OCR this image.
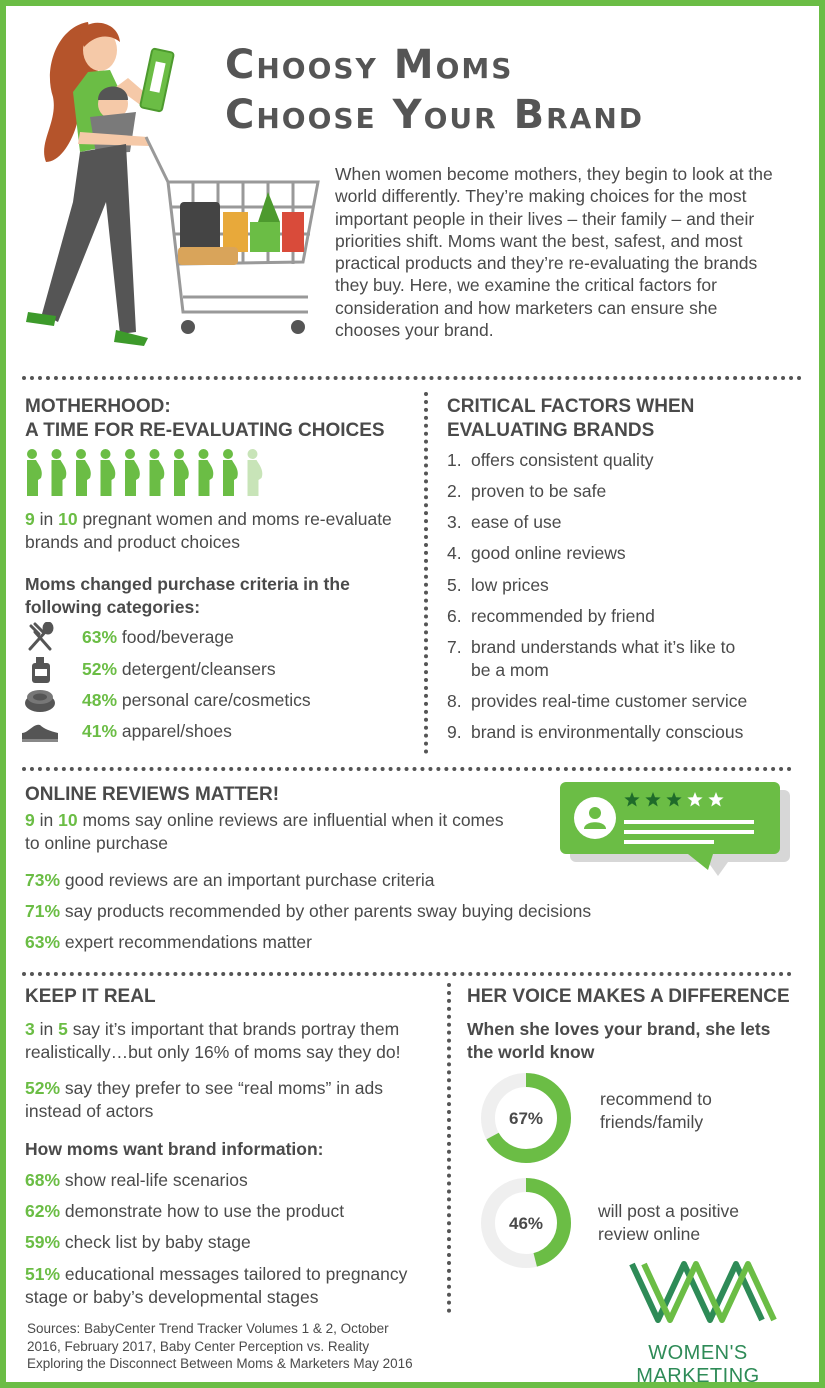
Choosy Moms
Choose Your Brand
When women become mothers, they begin to look at the world differently. They’re making choices for the most important people in their lives – their family – and their priorities shift. Moms want the best, safest, and most practical products and they’re re-evaluating the brands they buy. Here, we examine the critical factors for consideration and how marketers can ensure she chooses your brand.
MOTHERHOOD:
A TIME FOR RE-EVALUATING CHOICES
9 in 10 pregnant women and moms re-evaluate brands and product choices
Moms changed purchase criteria in the following categories:
63%
food/beverage
52%
detergent/cleansers
48%
personal care/cosmetics
41%
apparel/shoes
CRITICAL FACTORS WHEN
EVALUATING BRANDS
1. offers consistent quality
2. proven to be safe
3. ease of use
4. good online reviews
5. low prices
6. recommended by friend
7. brand understands what it’s like to
be a mom
8. provides real-time customer service
9. brand is environmentally conscious
ONLINE REVIEWS MATTER!
9 in 10 moms say online reviews are influential when it comes
to online purchase
73% good reviews are an important purchase criteria
71% say products recommended by other parents sway buying decisions
63% expert recommendations matter
KEEP IT REAL
3 in 5 say it’s important that brands portray them
realistically…but only 16% of moms say they do!
52% say they prefer to see “real moms” in ads
instead of actors
How moms want brand information:
68% show real-life scenarios
62% demonstrate how to use the product
59% check list by baby stage
51% educational messages tailored to pregnancy
stage or baby’s developmental stages
Sources: BabyCenter Trend Tracker Volumes 1 & 2, October
2016, February 2017, Baby Center Perception vs. Reality
Exploring the Disconnect Between Moms & Marketers May 2016
HER VOICE MAKES A DIFFERENCE
When she loves your brand, she lets
the world know
67%
recommend to
friends/family
46%
will post a positive
review online
WOMEN'S MARKETING
